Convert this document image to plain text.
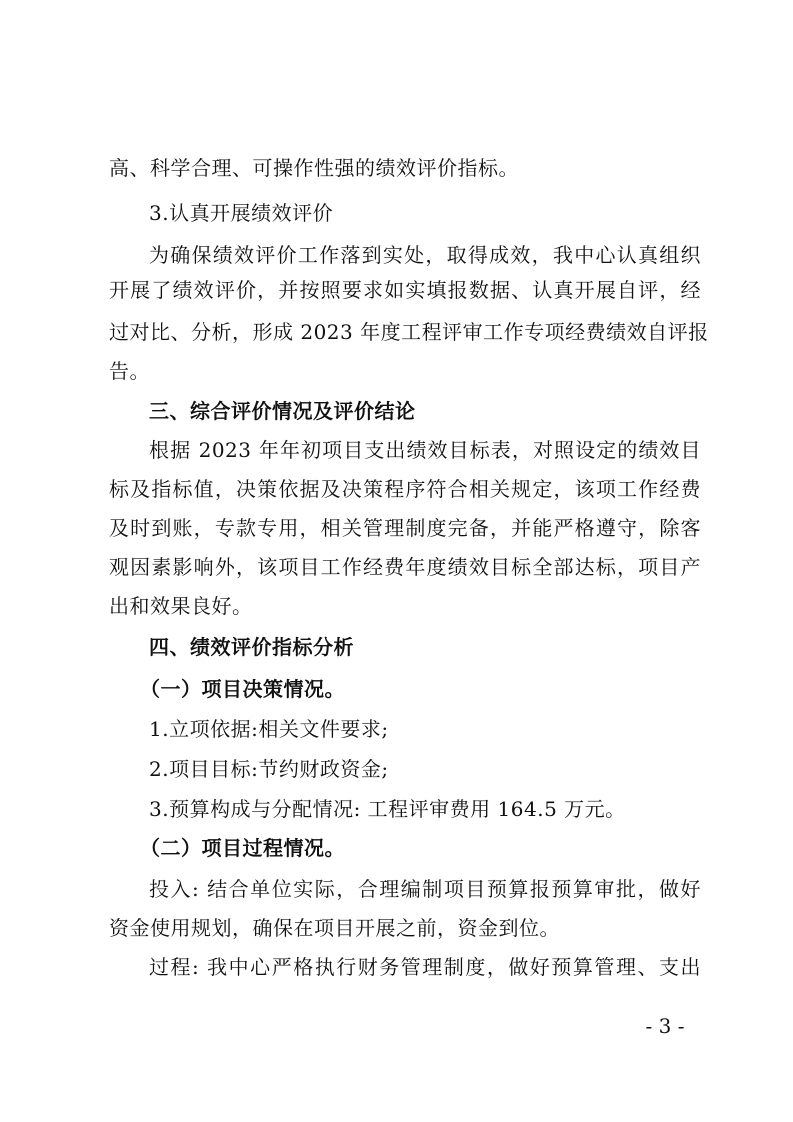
高、科学合理、可操作性强的绩效评价指标。
3.认真开展绩效评价
为确保绩效评价工作落到实处，取得成效，我中心认真组织
开展了绩效评价，并按照要求如实填报数据、认真开展自评，经
过对比、分析，形成 2023 年度工程评审工作专项经费绩效自评报
告。
三、综合评价情况及评价结论
根据 2023 年年初项目支出绩效目标表，对照设定的绩效目
标及指标值，决策依据及决策程序符合相关规定，该项工作经费
及时到账，专款专用，相关管理制度完备，并能严格遵守，除客
观因素影响外，该项目工作经费年度绩效目标全部达标，项目产
出和效果良好。
四、绩效评价指标分析
（一）项目决策情况。
1.立项依据:相关文件要求;
2.项目目标:节约财政资金;
3.预算构成与分配情况: 工程评审费用 164.5 万元。
（二）项目过程情况。
投入: 结合单位实际，合理编制项目预算报预算审批，做好
资金使用规划，确保在项目开展之前，资金到位。
过程: 我中心严格执行财务管理制度，做好预算管理、支出
- 3 -
